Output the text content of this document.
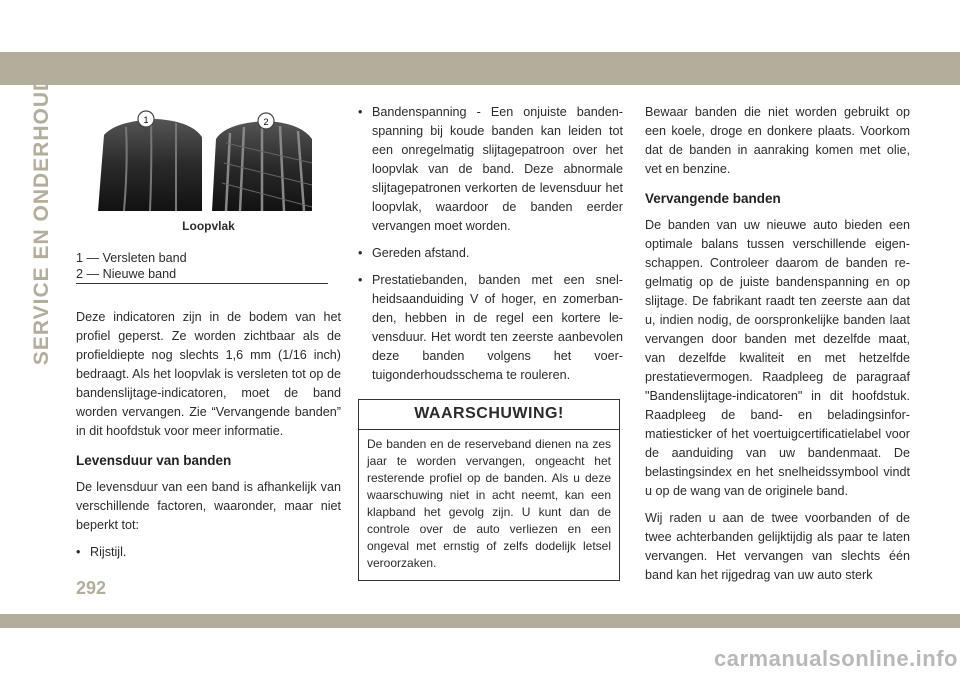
SERVICE EN ONDERHOUD	1	2
Loopvlak
1 — Versleten band
2 — Nieuwe band

Deze indicatoren zijn in de bodem van het profiel geperst. Ze worden zichtbaar als de profieldiepte nog slechts 1,6 mm (1/16 inch) bedraagt. Als het loopvlak is versleten tot op de bandenslijtage-indicatoren, moet de band worden vervangen. Zie “Vervangende banden” in dit hoofdstuk voor meer informatie.

Levensduur van banden

De levensduur van een band is afhankelijk van verschillende factoren, waaronder, maar niet beperkt tot:

• Rijstijl.
• Bandenspanning - Een onjuiste bandenspanning bij koude banden kan leiden tot een onregelmatig slijtagepatroon over het loopvlak van de band. Deze abnormale slijtagepatronen verkorten de levensduur het loopvlak, waardoor de banden eerder vervangen moet worden.
• Gereden afstand.
• Prestatiebanden, banden met een snelheidsaanduiding V of hoger, en zomerbanden, hebben in de regel een kortere levensduur. Het wordt ten zeerste aanbevolen deze banden volgens het voertuigonderhoudsschema te rouleren.
WAARSCHUWING!
De banden en de reserveband dienen na zes jaar te worden vervangen, ongeacht het resterende profiel op de banden. Als u deze waarschuwing niet in acht neemt, kan een klapband het gevolg zijn. U kunt dan de controle over de auto verliezen en een ongeval met ernstig of zelfs dodelijk letsel veroorzaken.

Bewaar banden die niet worden gebruikt op een koele, droge en donkere plaats. Voorkom dat de banden in aanraking komen met olie, vet en benzine.

Vervangende banden

De banden van uw nieuwe auto bieden een optimale balans tussen verschillende eigenschappen. Controleer daarom de banden regelmatig op de juiste bandenspanning en op slijtage. De fabrikant raadt ten zeerste aan dat u, indien nodig, de oorspronkelijke banden laat vervangen door banden met dezelfde maat, van dezelfde kwaliteit en met hetzelfde prestatievermogen. Raadpleeg de paragraaf "Bandenslijtage-indicatoren" in dit hoofdstuk. Raadpleeg de band- en beladingsinformatiesticker of het voertuigcertificatielabel voor de aanduiding van uw bandenmaat. De belastingsindex en het snelheidssymbool vindt u op de wang van de originele band.

Wij raden u aan de twee voorbanden of de twee achterbanden gelijktijdig als paar te laten vervangen. Het vervangen van slechts één band kan het rijgedrag van uw auto sterk

292
carmanualsonline.info
